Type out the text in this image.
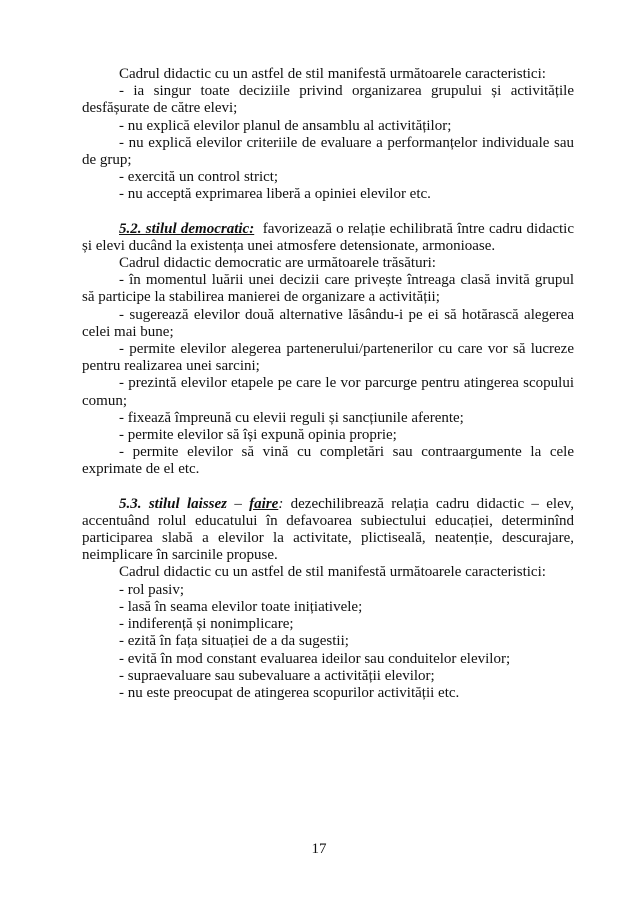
Cadrul didactic cu un astfel de stil manifestă următoarele caracteristici:

- ia singur toate deciziile privind organizarea grupului și activitățile desfășurate de către elevi;

- nu explică elevilor planul de ansamblu al activităților;

- nu explică elevilor criteriile de evaluare a performanțelor individuale sau de grup;

- exercită un control strict;

- nu acceptă exprimarea liberă a opiniei elevilor etc.

5.2. stilul democratic: favorizează o relație echilibrată între cadru didactic și elevi ducând la existența unei atmosfere detensionate, armonioase.

Cadrul didactic democratic are următoarele trăsături:

- în momentul luării unei decizii care privește întreaga clasă invită grupul să participe la stabilirea manierei de organizare a activității;

- sugerează elevilor două alternative lăsându-i pe ei să hotărască alegerea celei mai bune;

- permite elevilor alegerea partenerului/partenerilor cu care vor să lucreze pentru realizarea unei sarcini;

- prezintă elevilor etapele pe care le vor parcurge pentru atingerea scopului comun;

- fixează împreună cu elevii reguli și sancțiunile aferente;

- permite elevilor să își expună opinia proprie;

- permite elevilor să vină cu completări sau contraargumente la cele exprimate de el etc.

5.3. stilul laissez – faire: dezechilibrează relația cadru didactic – elev, accentuând rolul educatului în defavoarea subiectului educației, determinînd participarea slabă a elevilor la activitate, plictiseală, neatenție, descurajare, neimplicare în sarcinile propuse.

Cadrul didactic cu un astfel de stil manifestă următoarele caracteristici:

- rol pasiv;

- lasă în seama elevilor toate inițiativele;

- indiferență și nonimplicare;

- ezită în fața situației de a da sugestii;

- evită în mod constant evaluarea ideilor sau conduitelor elevilor;

- supraevaluare sau subevaluare a activității elevilor;

- nu este preocupat de atingerea scopurilor activității etc.

17
